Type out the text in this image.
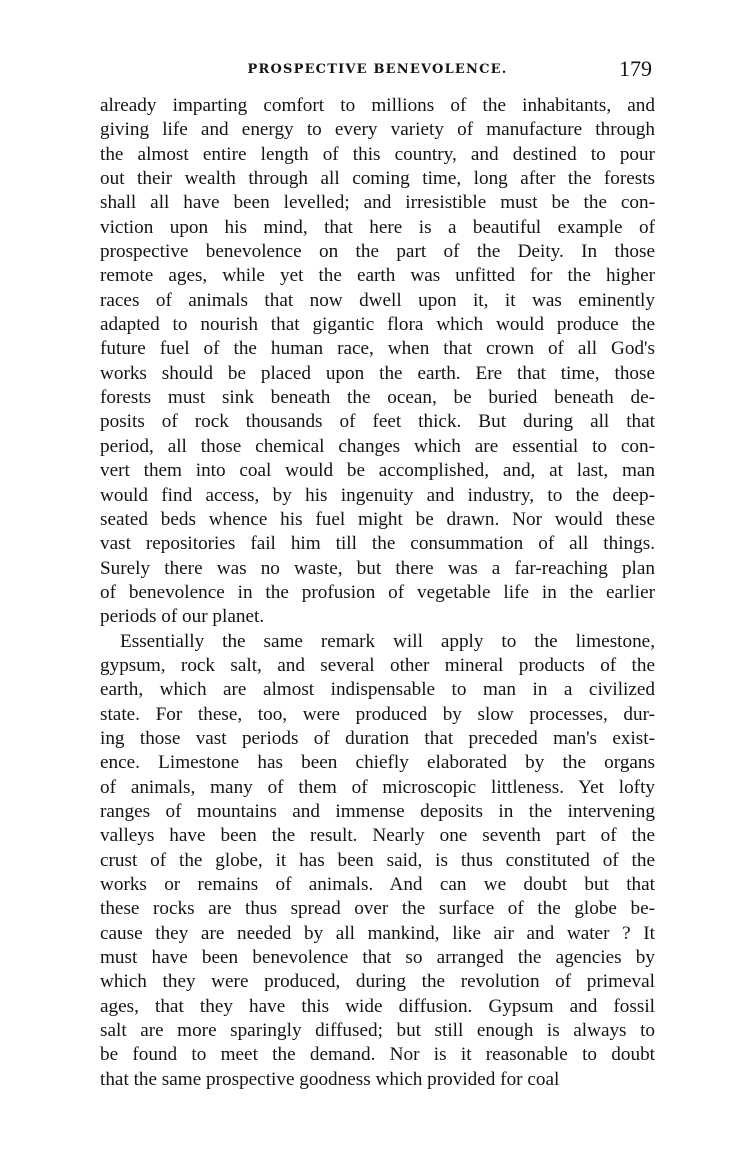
PROSPECTIVE BENEVOLENCE.	179
already imparting comfort to millions of the inhabitants, and
giving life and energy to every variety of manufacture through
the almost entire length of this country, and destined to pour
out their wealth through all coming time, long after the forests
shall all have been levelled; and irresistible must be the con-
viction upon his mind, that here is a beautiful example of
prospective benevolence on the part of the Deity. In those
remote ages, while yet the earth was unfitted for the higher
races of animals that now dwell upon it, it was eminently
adapted to nourish that gigantic flora which would produce the
future fuel of the human race, when that crown of all God's
works should be placed upon the earth. Ere that time, those
forests must sink beneath the ocean, be buried beneath de-
posits of rock thousands of feet thick. But during all that
period, all those chemical changes which are essential to con-
vert them into coal would be accomplished, and, at last, man
would find access, by his ingenuity and industry, to the deep-
seated beds whence his fuel might be drawn. Nor would these
vast repositories fail him till the consummation of all things.
Surely there was no waste, but there was a far-reaching plan
of benevolence in the profusion of vegetable life in the earlier
periods of our planet.
Essentially the same remark will apply to the limestone,
gypsum, rock salt, and several other mineral products of the
earth, which are almost indispensable to man in a civilized
state. For these, too, were produced by slow processes, dur-
ing those vast periods of duration that preceded man's exist-
ence. Limestone has been chiefly elaborated by the organs
of animals, many of them of microscopic littleness. Yet lofty
ranges of mountains and immense deposits in the intervening
valleys have been the result. Nearly one seventh part of the
crust of the globe, it has been said, is thus constituted of the
works or remains of animals. And can we doubt but that
these rocks are thus spread over the surface of the globe be-
cause they are needed by all mankind, like air and water ? It
must have been benevolence that so arranged the agencies by
which they were produced, during the revolution of primeval
ages, that they have this wide diffusion. Gypsum and fossil
salt are more sparingly diffused; but still enough is always to
be found to meet the demand. Nor is it reasonable to doubt
that the same prospective goodness which provided for coal
